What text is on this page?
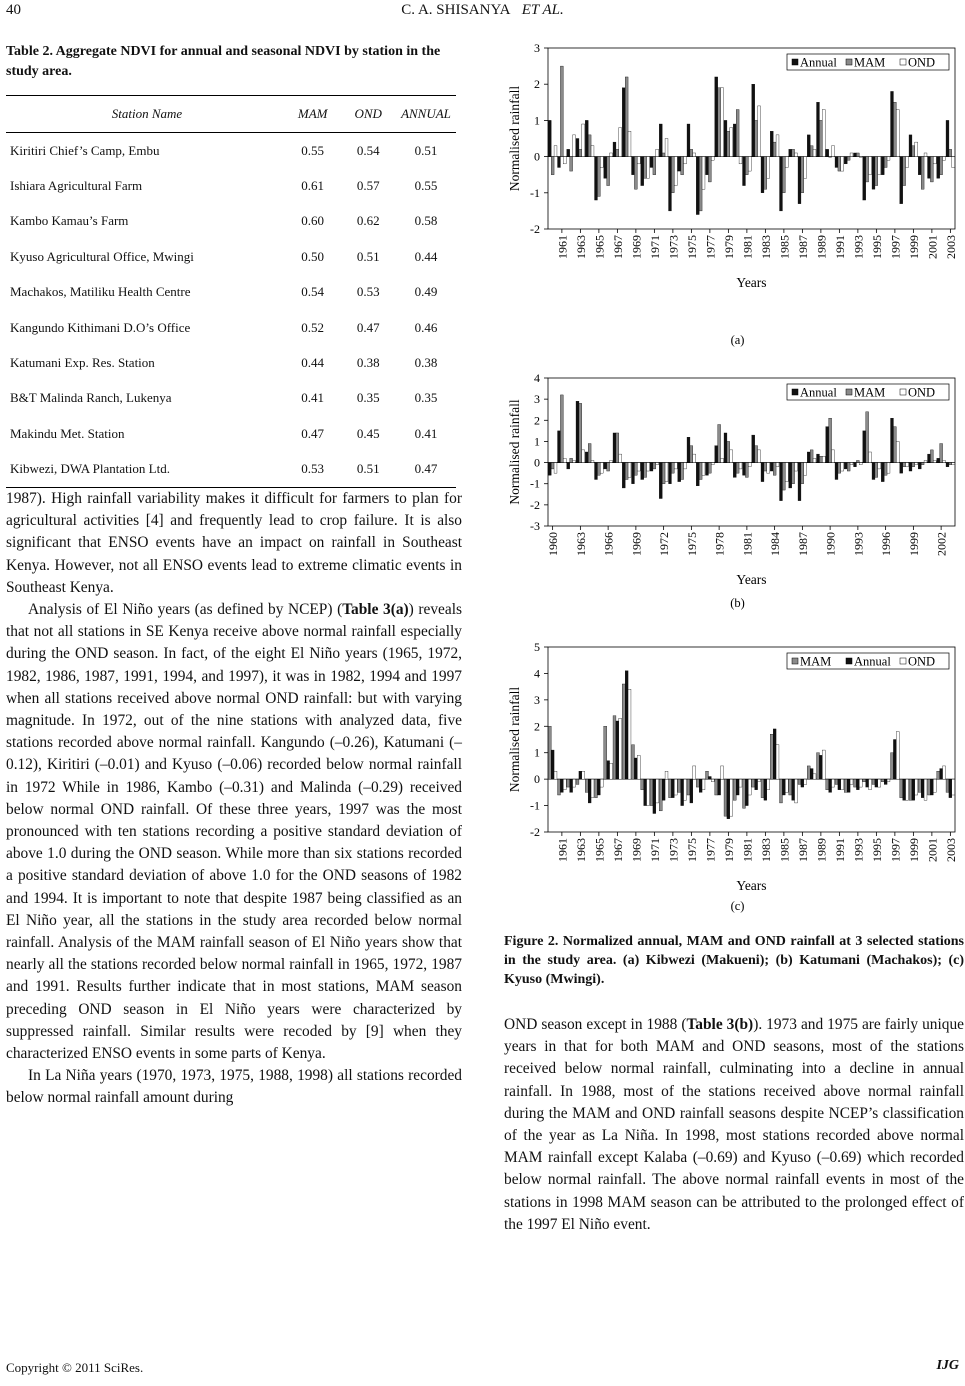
40	C. A. SHISANYA ET AL.
Table 2. Aggregate NDVI for annual and seasonal NDVI by station in the study area.
Station Name	MAM	OND	ANNUAL
Kiritiri Chief’s Camp, Embu	0.55	0.54	0.51
Ishiara Agricultural Farm	0.61	0.57	0.55
Kambo Kamau’s Farm	0.60	0.62	0.58
Kyuso Agricultural Office, Mwingi	0.50	0.51	0.44
Machakos, Matiliku Health Centre	0.54	0.53	0.49
Kangundo Kithimani D.O’s Office	0.52	0.47	0.46
Katumani Exp. Res. Station	0.44	0.38	0.38
B&T Malinda Ranch, Lukenya	0.41	0.35	0.35
Makindu Met. Station	0.47	0.45	0.41
Kibwezi, DWA Plantation Ltd.	0.53	0.51	0.47

1987). High rainfall variability makes it difficult for farmers to plan for agricultural activities [4] and frequently lead to crop failure. It is also significant that ENSO events have an impact on rainfall in Southeast Kenya. However, not all ENSO events lead to extreme climatic events in Southeast Kenya.

Analysis of El Niño years (as defined by NCEP) (Table 3(a)) reveals that not all stations in SE Kenya receive above normal rainfall especially during the OND season. In fact, of the eight El Niño years (1965, 1972, 1982, 1986, 1987, 1991, 1994, and 1997), it was in 1982, 1994 and 1997 when all stations received above normal OND rainfall: but with varying magnitude. In 1972, out of the nine stations with analyzed data, five stations recorded above normal rainfall. Kangundo (–0.26), Katumani (–0.12), Kiritiri (–0.01) and Kyuso (–0.06) recorded below normal rainfall in 1972 While in 1986, Kambo (–0.31) and Malinda (–0.29) received below normal OND rainfall. Of these three years, 1997 was the most pronounced with ten stations recording a positive standard deviation of above 1.0 during the OND season. While more than six stations recorded a positive standard deviation of above 1.0 for the OND seasons of 1982 and 1994. It is important to note that despite 1987 being classified as an El Niño year, all the stations in the study area recorded below normal rainfall. Analysis of the MAM rainfall season of El Niño years show that nearly all the stations recorded below normal rainfall in 1965, 1972, 1987 and 1991. Results further indicate that in most stations, MAM season preceding OND season in El Niño years were characterized by suppressed rainfall. Similar results were recoded by [9] when they characterized ENSO events in some parts of Kenya.

In La Niña years (1970, 1973, 1975, 1988, 1998) all stations recorded below normal rainfall amount during

-2
-1
0
1
2
3
1961 1963 1965 1967 1969 1971 1973 1975 1977 1979 1981 1983 1985 1987 1989 1991 1993 1995 1997 1999 2001 2003
Years
Normalised rainfall
Annual MAM OND
(a)
-3
-2
-1
0
1
2
3
4
1960 1963 1966 1969 1972 1975 1978 1981 1984 1987 1990 1993 1996 1999 2002
Years
Normalised rainfall
Annual MAM OND
(b)
-2
-1
0
1
2
3
4
5
1961 1963 1965 1967 1969 1971 1973 1975 1977 1979 1981 1983 1985 1987 1989 1991 1993 1995 1997 1999 2001 2003
Years
Normalised rainfall
MAM Annual OND
(c)
Figure 2. Normalized annual, MAM and OND rainfall at 3 selected stations in the study area. (a) Kibwezi (Makueni); (b) Katumani (Machakos); (c) Kyuso (Mwingi).

OND season except in 1988 (Table 3(b)). 1973 and 1975 are fairly unique years in that for both MAM and OND seasons, most of the stations received below normal rainfall, culminating into a decline in annual rainfall. In 1988, most of the stations received above normal rainfall during the MAM and OND rainfall seasons despite NCEP’s classification of the year as La Niña. In 1998, most stations recorded above normal MAM rainfall except Kalaba (–0.69) and Kyuso (–0.69) which recorded below normal rainfall. The above normal rainfall events in most of the stations in 1998 MAM season can be attributed to the prolonged effect of the 1997 El Niño event.

Copyright © 2011 SciRes.	IJG
